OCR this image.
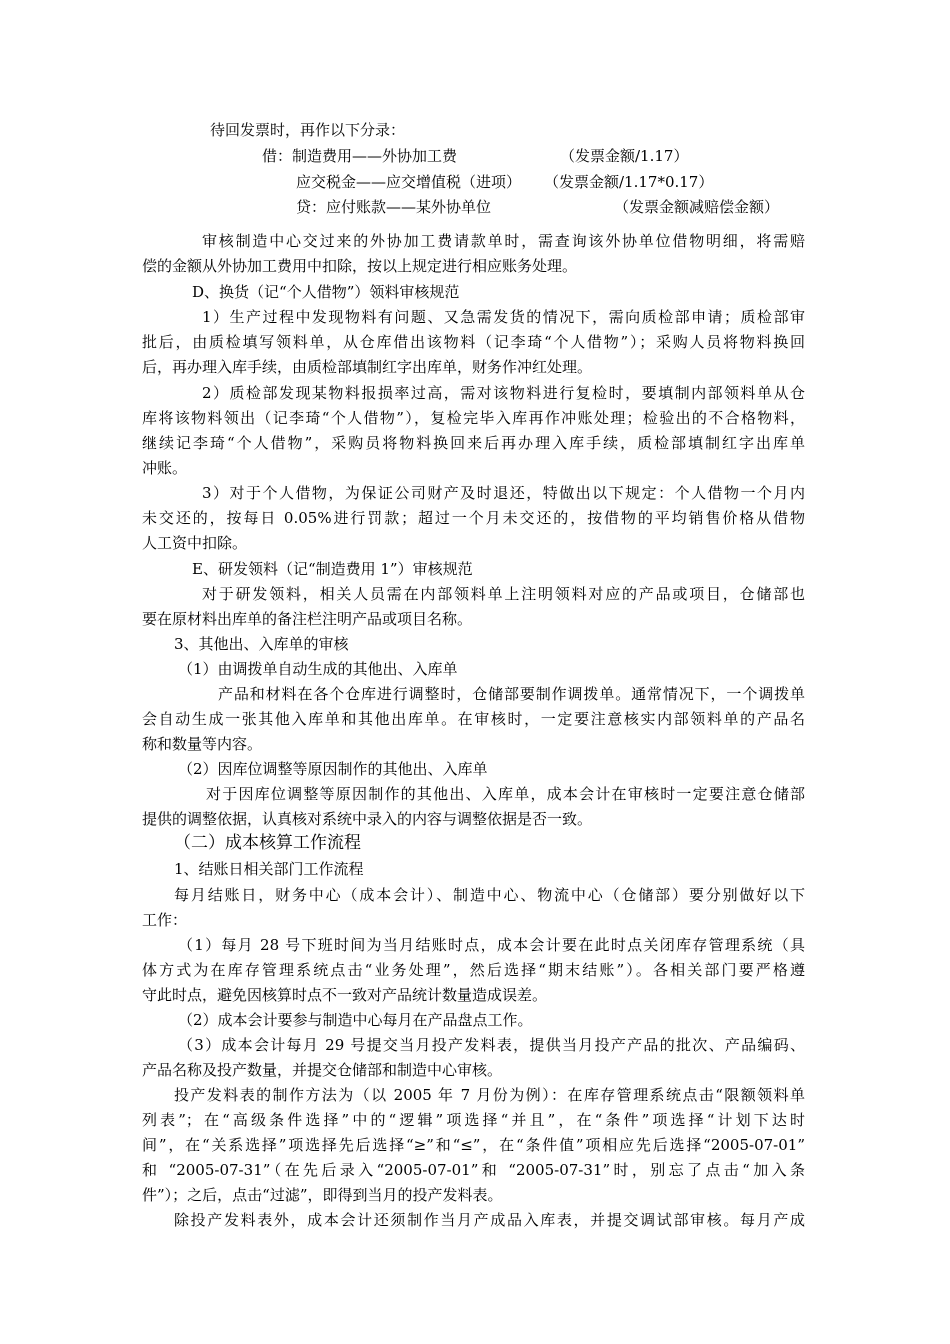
待回发票时，再作以下分录：
借：制造费用——外协加工费	（发票金额/1.17）
应交税金——应交增值税（进项） （发票金额/1.17*0.17）
贷：应付账款——某外协单位	（发票金额减赔偿金额）
审核制造中心交过来的外协加工费请款单时，需查询该外协单位借物明细，将需赔
偿的金额从外协加工费用中扣除，按以上规定进行相应账务处理。
D、换货（记“个人借物”）领料审核规范
1）生产过程中发现物料有问题、又急需发货的情况下，需向质检部申请；质检部审
批后，由质检填写领料单，从仓库借出该物料（记李琦“个人借物”）；采购人员将物料换回
后，再办理入库手续，由质检部填制红字出库单，财务作冲红处理。
2）质检部发现某物料报损率过高，需对该物料进行复检时，要填制内部领料单从仓
库将该物料领出（记李琦“个人借物”），复检完毕入库再作冲账处理；检验出的不合格物料，
继续记李琦“个人借物”，采购员将物料换回来后再办理入库手续，质检部填制红字出库单
冲账。
3）对于个人借物，为保证公司财产及时退还，特做出以下规定：个人借物一个月内
未交还的，按每日 0.05%进行罚款；超过一个月未交还的，按借物的平均销售价格从借物
人工资中扣除。
E、研发领料（记“制造费用 1”）审核规范
对于研发领料，相关人员需在内部领料单上注明领料对应的产品或项目，仓储部也
要在原材料出库单的备注栏注明产品或项目名称。
3、其他出、入库单的审核
（1）由调拨单自动生成的其他出、入库单
产品和材料在各个仓库进行调整时，仓储部要制作调拨单。通常情况下，一个调拨单
会自动生成一张其他入库单和其他出库单。在审核时，一定要注意核实内部领料单的产品名
称和数量等内容。
（2）因库位调整等原因制作的其他出、入库单
对于因库位调整等原因制作的其他出、入库单，成本会计在审核时一定要注意仓储部
提供的调整依据，认真核对系统中录入的内容与调整依据是否一致。
（二）成本核算工作流程
1、结账日相关部门工作流程
每月结账日，财务中心（成本会计）、制造中心、物流中心（仓储部）要分别做好以下
工作：
（1）每月 28 号下班时间为当月结账时点，成本会计要在此时点关闭库存管理系统（具
体方式为在库存管理系统点击“业务处理”，然后选择“期末结账”）。各相关部门要严格遵
守此时点，避免因核算时点不一致对产品统计数量造成误差。
（2）成本会计要参与制造中心每月在产品盘点工作。
（3）成本会计每月 29 号提交当月投产发料表，提供当月投产产品的批次、产品编码、
产品名称及投产数量，并提交仓储部和制造中心审核。
投产发料表的制作方法为（以 2005 年 7 月份为例）：在库存管理系统点击“限额领料单
列表”；在“高级条件选择”中的“逻辑”项选择“并且”，在“条件”项选择“计划下达时
间”，在“关系选择”项选择先后选择“≥”和“≤”，在“条件值”项相应先后选择“2005-07-01”
和 “2005-07-31”（在先后录入“2005-07-01”和 “2005-07-31”时，别忘了点击“加入条
件”）；之后，点击“过滤”，即得到当月的投产发料表。
除投产发料表外，成本会计还须制作当月产成品入库表，并提交调试部审核。每月产成
